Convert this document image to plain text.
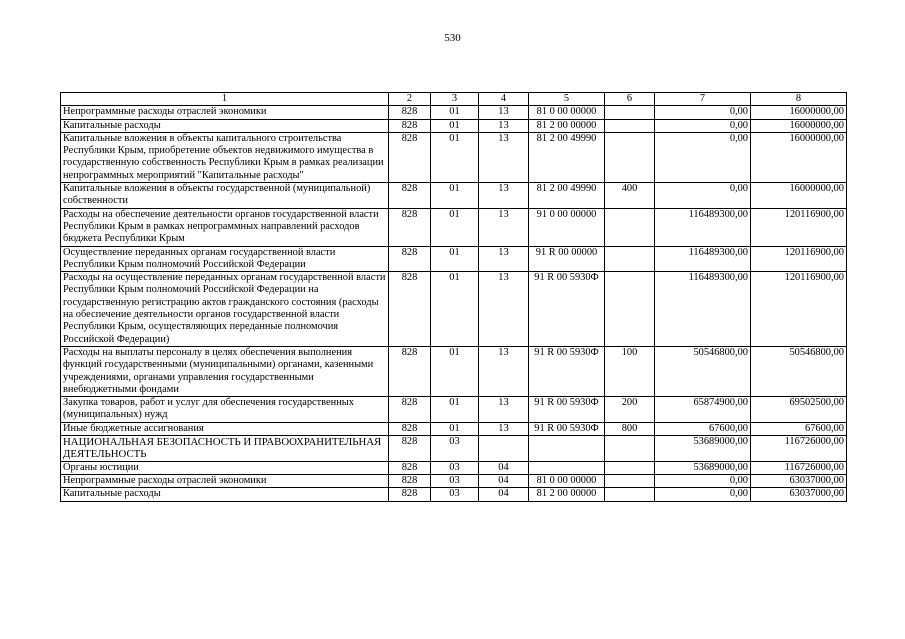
530
1	2	3	4	5	6	7	8
Непрограммные расходы отраслей экономики	828	01	13	81 0 00 00000		0,00	16000000,00
Капитальные расходы	828	01	13	81 2 00 00000		0,00	16000000,00
Капитальные вложения в объекты капитального строительства Республики Крым, приобретение объектов недвижимого имущества в государственную собственность Республики Крым в рамках реализации непрограммных мероприятий "Капитальные расходы"	828	01	13	81 2 00 49990		0,00	16000000,00
Капитальные вложения в объекты государственной (муниципальной) собственности	828	01	13	81 2 00 49990	400	0,00	16000000,00
Расходы на обеспечение деятельности органов государственной власти Республики Крым в рамках непрограммных направлений расходов бюджета Республики Крым	828	01	13	91 0 00 00000		116489300,00	120116900,00
Осуществление переданных органам государственной власти Республики Крым полномочий Российской Федерации	828	01	13	91 R 00 00000		116489300,00	120116900,00
Расходы на осуществление переданных органам государственной власти Республики Крым полномочий Российской Федерации на государственную регистрацию актов гражданского состояния (расходы на обеспечение деятельности органов государственной власти Республики Крым, осуществляющих переданные полномочия Российской Федерации)	828	01	13	91 R 00 5930Ф		116489300,00	120116900,00
Расходы на выплаты персоналу в целях обеспечения выполнения функций государственными (муниципальными) органами, казенными учреждениями, органами управления государственными внебюджетными фондами	828	01	13	91 R 00 5930Ф	100	50546800,00	50546800,00
Закупка товаров, работ и услуг для обеспечения государственных (муниципальных) нужд	828	01	13	91 R 00 5930Ф	200	65874900,00	69502500,00
Иные бюджетные ассигнования	828	01	13	91 R 00 5930Ф	800	67600,00	67600,00
НАЦИОНАЛЬНАЯ БЕЗОПАСНОСТЬ И ПРАВООХРАНИТЕЛЬНАЯ ДЕЯТЕЛЬНОСТЬ	828	03				53689000,00	116726000,00
Органы юстиции	828	03	04			53689000,00	116726000,00
Непрограммные расходы отраслей экономики	828	03	04	81 0 00 00000		0,00	63037000,00
Капитальные расходы	828	03	04	81 2 00 00000		0,00	63037000,00
